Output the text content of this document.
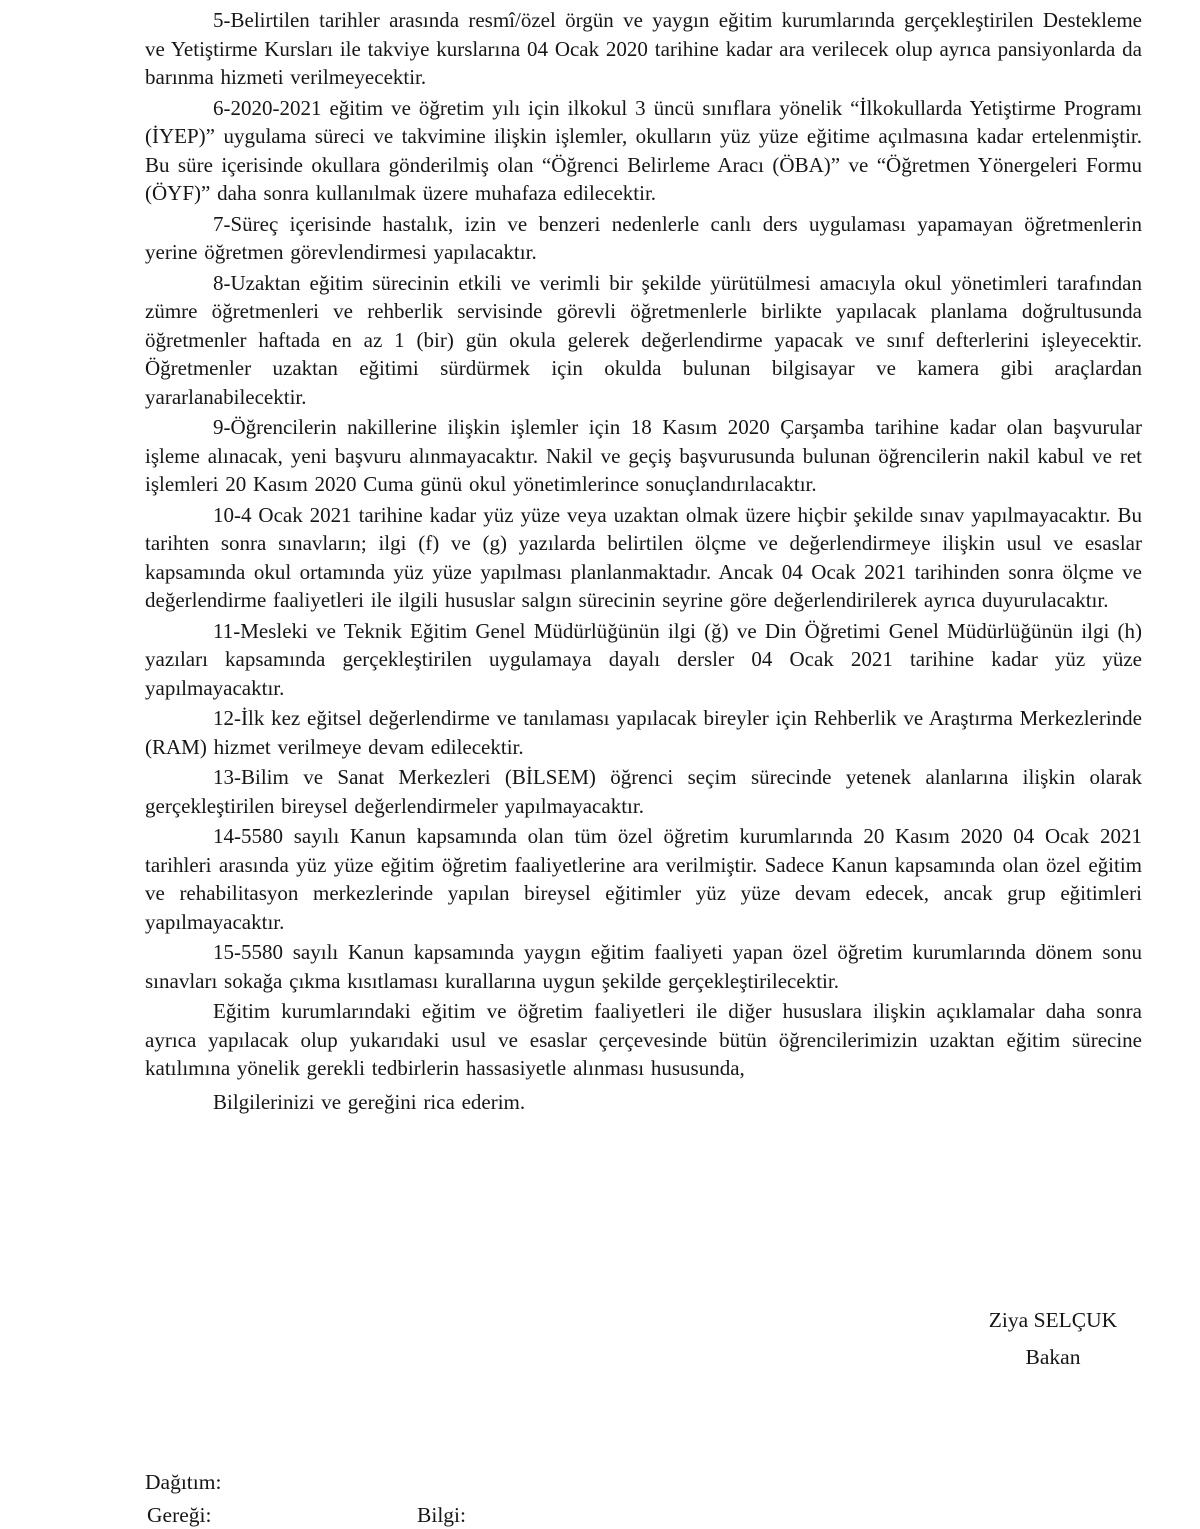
5-Belirtilen tarihler arasında resmî/özel örgün ve yaygın eğitim kurumlarında gerçekleştirilen Destekleme ve Yetiştirme Kursları ile takviye kurslarına 04 Ocak 2020 tarihine kadar ara verilecek olup ayrıca pansiyonlarda da barınma hizmeti verilmeyecektir.

6-2020-2021 eğitim ve öğretim yılı için ilkokul 3 üncü sınıflara yönelik “İlkokullarda Yetiştirme Programı (İYEP)” uygulama süreci ve takvimine ilişkin işlemler, okulların yüz yüze eğitime açılmasına kadar ertelenmiştir. Bu süre içerisinde okullara gönderilmiş olan “Öğrenci Belirleme Aracı (ÖBA)” ve “Öğretmen Yönergeleri Formu (ÖYF)” daha sonra kullanılmak üzere muhafaza edilecektir.

7-Süreç içerisinde hastalık, izin ve benzeri nedenlerle canlı ders uygulaması yapamayan öğretmenlerin yerine öğretmen görevlendirmesi yapılacaktır.

8-Uzaktan eğitim sürecinin etkili ve verimli bir şekilde yürütülmesi amacıyla okul yönetimleri tarafından zümre öğretmenleri ve rehberlik servisinde görevli öğretmenlerle birlikte yapılacak planlama doğrultusunda öğretmenler haftada en az 1 (bir) gün okula gelerek değerlendirme yapacak ve sınıf defterlerini işleyecektir. Öğretmenler uzaktan eğitimi sürdürmek için okulda bulunan bilgisayar ve kamera gibi araçlardan yararlanabilecektir.

9-Öğrencilerin nakillerine ilişkin işlemler için 18 Kasım 2020 Çarşamba tarihine kadar olan başvurular işleme alınacak, yeni başvuru alınmayacaktır. Nakil ve geçiş başvurusunda bulunan öğrencilerin nakil kabul ve ret işlemleri 20 Kasım 2020 Cuma günü okul yönetimlerince sonuçlandırılacaktır.

10-4 Ocak 2021 tarihine kadar yüz yüze veya uzaktan olmak üzere hiçbir şekilde sınav yapılmayacaktır. Bu tarihten sonra sınavların; ilgi (f) ve (g) yazılarda belirtilen ölçme ve değerlendirmeye ilişkin usul ve esaslar kapsamında okul ortamında yüz yüze yapılması planlanmaktadır. Ancak 04 Ocak 2021 tarihinden sonra ölçme ve değerlendirme faaliyetleri ile ilgili hususlar salgın sürecinin seyrine göre değerlendirilerek ayrıca duyurulacaktır.

11-Mesleki ve Teknik Eğitim Genel Müdürlüğünün ilgi (ğ) ve Din Öğretimi Genel Müdürlüğünün ilgi (h) yazıları kapsamında gerçekleştirilen uygulamaya dayalı dersler 04 Ocak 2021 tarihine kadar yüz yüze yapılmayacaktır.

12-İlk kez eğitsel değerlendirme ve tanılaması yapılacak bireyler için Rehberlik ve Araştırma Merkezlerinde (RAM) hizmet verilmeye devam edilecektir.

13-Bilim ve Sanat Merkezleri (BİLSEM) öğrenci seçim sürecinde yetenek alanlarına ilişkin olarak gerçekleştirilen bireysel değerlendirmeler yapılmayacaktır.

14-5580 sayılı Kanun kapsamında olan tüm özel öğretim kurumlarında 20 Kasım 2020 04 Ocak 2021 tarihleri arasında yüz yüze eğitim öğretim faaliyetlerine ara verilmiştir. Sadece Kanun kapsamında olan özel eğitim ve rehabilitasyon merkezlerinde yapılan bireysel eğitimler yüz yüze devam edecek, ancak grup eğitimleri yapılmayacaktır.

15-5580 sayılı Kanun kapsamında yaygın eğitim faaliyeti yapan özel öğretim kurumlarında dönem sonu sınavları sokağa çıkma kısıtlaması kurallarına uygun şekilde gerçekleştirilecektir.

Eğitim kurumlarındaki eğitim ve öğretim faaliyetleri ile diğer hususlara ilişkin açıklamalar daha sonra ayrıca yapılacak olup yukarıdaki usul ve esaslar çerçevesinde bütün öğrencilerimizin uzaktan eğitim sürecine katılımına yönelik gerekli tedbirlerin hassasiyetle alınması hususunda,

Bilgilerinizi ve gereğini rica ederim.

Ziya SELÇUK
Bakan
Dağıtım:
Gereği:	Bilgi:
